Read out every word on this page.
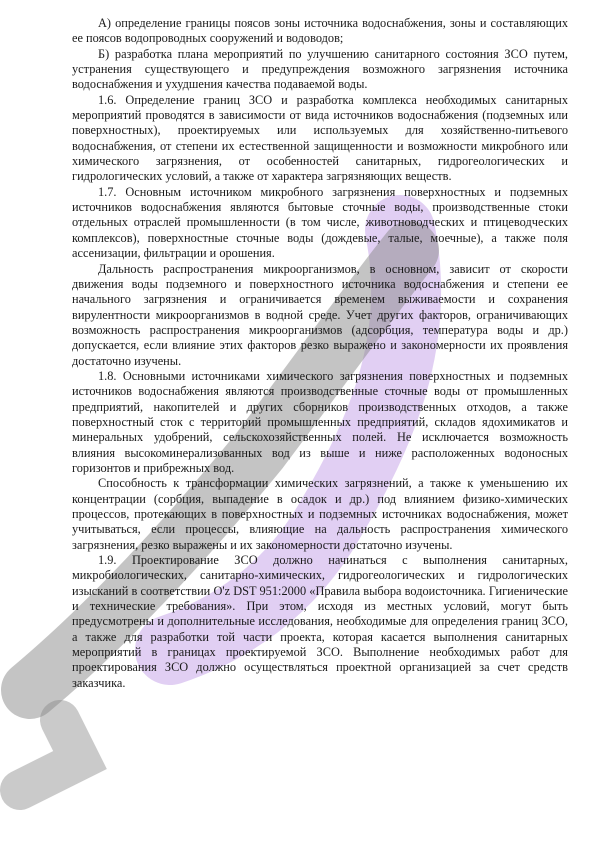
А) определение границы поясов зоны источника водоснабжения, зоны и составляющих ее поясов водопроводных сооружений и водоводов;

Б) разработка плана мероприятий по улучшению санитарного состояния ЗСО путем, устранения существующего и предупреждения возможного загрязнения источника водоснабжения и ухудшения качества подаваемой воды.

1.6. Определение границ ЗСО и разработка комплекса необходимых санитарных мероприятий проводятся в зависимости от вида источников водоснабжения (подземных или поверхностных), проектируемых или используемых для хозяйственно-питьевого водоснабжения, от степени их естественной защищенности и возможности микробного или химического загрязнения, от особенностей санитарных, гидрогеологических и гидрологических условий, а также от характера загрязняющих веществ.

1.7. Основным источником микробного загрязнения поверхностных и подземных источников водоснабжения являются бытовые сточные воды, производственные стоки отдельных отраслей промышленности (в том числе, животноводческих и птицеводческих комплексов), поверхностные сточные воды (дождевые, талые, моечные), а также поля ассенизации, фильтрации и орошения.

Дальность распространения микроорганизмов, в основном, зависит от скорости движения воды подземного и поверхностного источника водоснабжения и степени ее начального загрязнения и ограничивается временем выживаемости и сохранения вирулентности микроорганизмов в водной среде. Учет других факторов, ограничивающих возможность распространения микроорганизмов (адсорбция, температура воды и др.) допускается, если влияние этих факторов резко выражено и закономерности их проявления достаточно изучены.

1.8. Основными источниками химического загрязнения поверхностных и подземных источников водоснабжения являются производственные сточные воды от промышленных предприятий, накопителей и других сборников производственных отходов, а также поверхностный сток с территорий промышленных предприятий, складов ядохимикатов и минеральных удобрений, сельскохозяйственных полей. Не исключается возможность влияния высокоминерализованных вод из выше и ниже расположенных водоносных горизонтов и прибрежных вод.

Способность к трансформации химических загрязнений, а также к уменьшению их концентрации (сорбция, выпадение в осадок и др.) под влиянием физико-химических процессов, протекающих в поверхностных и подземных источниках водоснабжения, может учитываться, если процессы, влияющие на дальность распространения химического загрязнения, резко выражены и их закономерности достаточно изучены.

1.9. Проектирование ЗСО должно начинаться с выполнения санитарных, микробиологических, санитарно-химических, гидрогеологических и гидрологических изысканий в соответствии O'z DST 951:2000 «Правила выбора водоисточника. Гигиенические и технические требования». При этом, исходя из местных условий, могут быть предусмотрены и дополнительные исследования, необходимые для определения границ ЗСО, а также для разработки той части проекта, которая касается выполнения санитарных мероприятий в границах проектируемой ЗСО. Выполнение необходимых работ для проектирования ЗСО должно осуществляться проектной организацией за счет средств заказчика.
